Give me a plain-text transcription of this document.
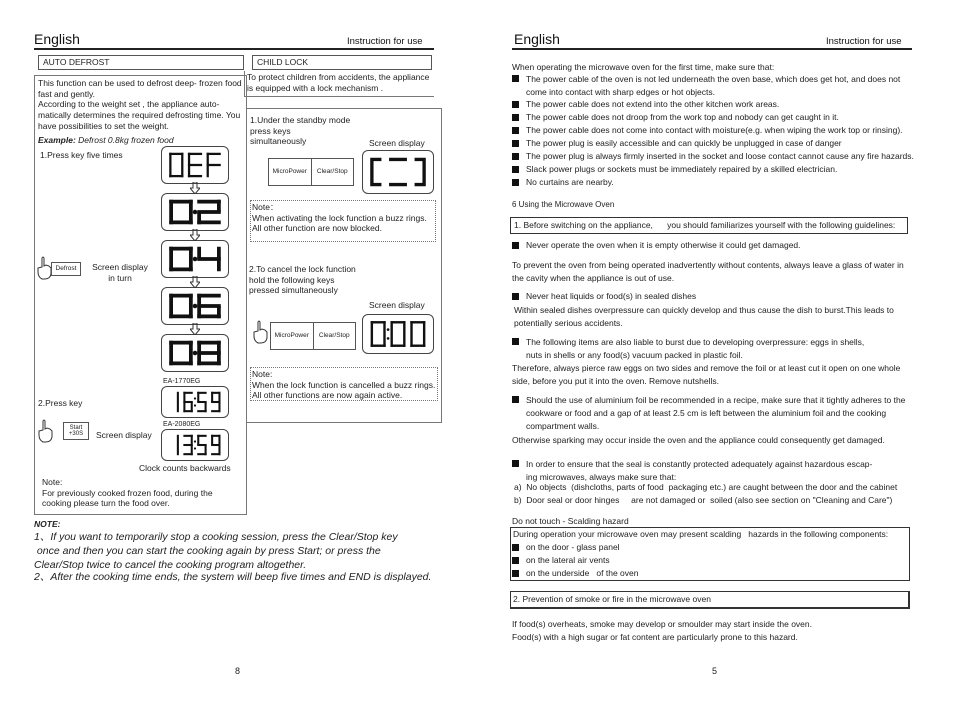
English	Instruction for use
AUTO DEFROST
This function can be used to defrost deep- frozen food fast and gently.
According to the weight set , the appliance auto-matically determines the required defrosting time. You have possibilities to set the weight.
Example: Defrost 0.8kg frozen food
1.Press key five times
Defrost	Screen display
in turn
2.Press key
EA-1770EG
EA-2080EG
Start
+30S	Screen display
Clock counts backwards
Note:
For previously cooked frozen food, during the cooking please turn the food over.
CHILD LOCK
To protect children from accidents, the appliance is equipped with a lock mechanism .
1.Under the standby mode
press keys
simultaneously	Screen display
MicroPower	Clear/Stop
Note：
When activating the lock function a buzz rings.
All other function are now blocked.
2.To cancel the lock function
hold the following keys
pressed simultaneously
Screen display
MicroPower	Clear/Stop
Note:
When the lock function is cancelled a buzz rings.
All other functions are now again active.
NOTE:
1、If you want to temporarily stop a cooking session, press the Clear/Stop key
once and then you can start the cooking again by press Start; or press the
Clear/Stop twice to cancel the cooking program altogether.
2、After the cooking time ends, the system will beep five times and END is displayed.
8
English	Instruction for use
When operating the microwave oven for the first time, make sure that:
The power cable of the oven is not led underneath the oven base, which does get hot, and does not come into contact with sharp edges or hot objects.
The power cable does not extend into the other kitchen work areas.
The power cable does not droop from the work top and nobody can get caught in it.
The power cable does not come into contact with moisture(e.g. when wiping the work top or rinsing).
The power plug is easily accessible and can quickly be unplugged in case of danger
The power plug is always firmly inserted in the socket and loose contact cannot cause any fire hazards.
Slack power plugs or sockets must be immediately repaired by a skilled electrician.
No curtains are nearby.
6 Using the Microwave Oven
1. Before switching on the appliance,      you should familiarizes yourself with the following guidelines:
Never operate the oven when it is empty otherwise it could get damaged.
To prevent the oven from being operated inadvertently without contents, always leave a glass of water in the cavity when the appliance is out of use.
Never heat liquids or food(s) in sealed dishes
Within sealed dishes overpressure can quickly develop and thus cause the dish to burst.This leads to potentially serious accidents.
The following items are also liable to burst due to developing overpressure: eggs in shells,
nuts in shells or any food(s) vacuum packed in plastic foil.
Therefore, always pierce raw eggs on two sides and remove the foil or at least cut it open on one whole side, before you put it into the oven. Remove nutshells.
Should the use of aluminium foil be recommended in a recipe, make sure that it tightly adheres to the cookware or food and a gap of at least 2.5 cm is left between the aluminium foil and the cooking compartment walls.
Otherwise sparking may occur inside the oven and the appliance could consequently get damaged.
In order to ensure that the seal is constantly protected adequately against hazardous escap-
ing microwaves, always make sure that:
a)  No objects  (dishcloths, parts of food  packaging etc.) are caught between the door and the cabinet
b)  Door seal or door hinges     are not damaged or  soiled (also see section on "Cleaning and Care")
Do not touch - Scalding hazard
During operation your microwave oven may present scalding   hazards in the following components:
on the door - glass panel
on the lateral air vents
on the underside   of the oven
2. Prevention of smoke or fire in the microwave oven
If food(s) overheats, smoke may develop or smoulder may start inside the oven.
Food(s) with a high sugar or fat content are particularly prone to this hazard.
5
